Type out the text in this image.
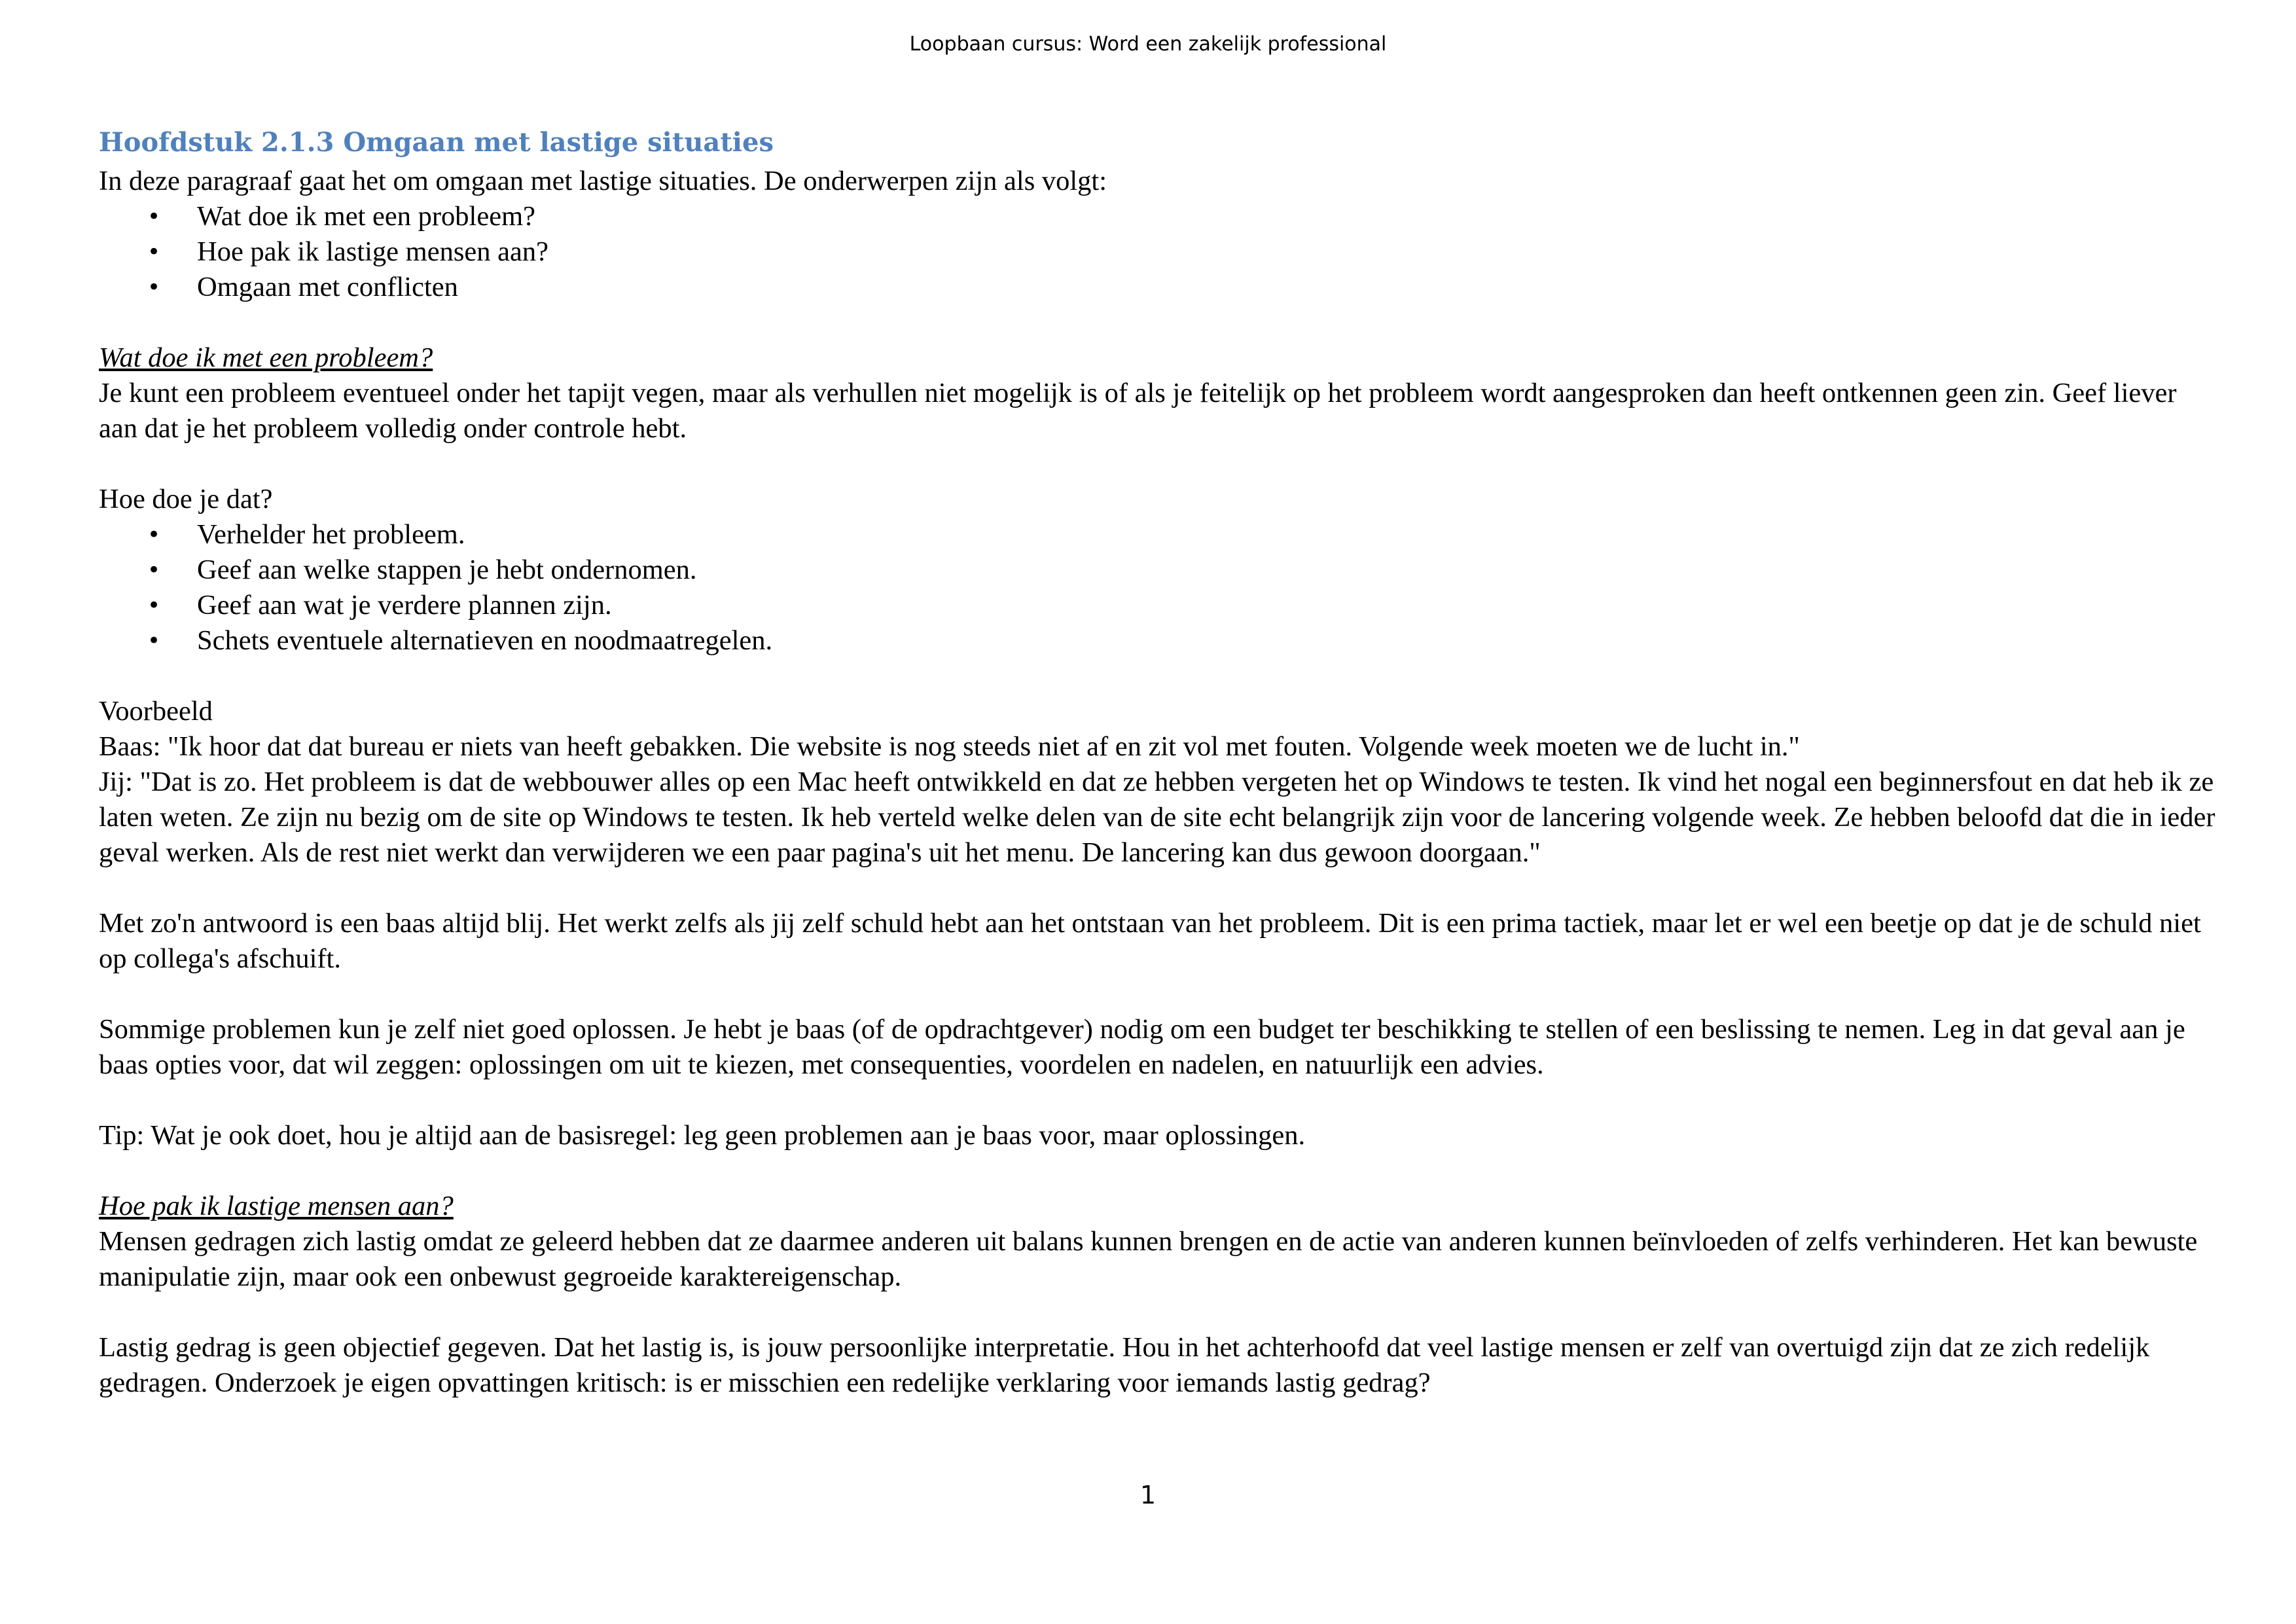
Loopbaan cursus: Word een zakelijk professional
Hoofdstuk 2.1.3 Omgaan met lastige situaties

In deze paragraaf gaat het om omgaan met lastige situaties. De onderwerpen zijn als volgt:

• Wat doe ik met een probleem?
• Hoe pak ik lastige mensen aan?
• Omgaan met conflicten

Wat doe ik met een probleem?

Je kunt een probleem eventueel onder het tapijt vegen, maar als verhullen niet mogelijk is of als je feitelijk op het probleem wordt aangesproken dan heeft ontkennen geen zin. Geef liever aan dat je het probleem volledig onder controle hebt.

Hoe doe je dat?

• Verhelder het probleem.
• Geef aan welke stappen je hebt ondernomen.
• Geef aan wat je verdere plannen zijn.
• Schets eventuele alternatieven en noodmaatregelen.

Voorbeeld

Baas: "Ik hoor dat dat bureau er niets van heeft gebakken. Die website is nog steeds niet af en zit vol met fouten. Volgende week moeten we de lucht in."

Jij: "Dat is zo. Het probleem is dat de webbouwer alles op een Mac heeft ontwikkeld en dat ze hebben vergeten het op Windows te testen. Ik vind het nogal een beginnersfout en dat heb ik ze laten weten. Ze zijn nu bezig om de site op Windows te testen. Ik heb verteld welke delen van de site echt belangrijk zijn voor de lancering volgende week. Ze hebben beloofd dat die in ieder geval werken. Als de rest niet werkt dan verwijderen we een paar pagina's uit het menu. De lancering kan dus gewoon doorgaan."

Met zo'n antwoord is een baas altijd blij. Het werkt zelfs als jij zelf schuld hebt aan het ontstaan van het probleem. Dit is een prima tactiek, maar let er wel een beetje op dat je de schuld niet op collega's afschuift.

Sommige problemen kun je zelf niet goed oplossen. Je hebt je baas (of de opdrachtgever) nodig om een budget ter beschikking te stellen of een beslissing te nemen. Leg in dat geval aan je baas opties voor, dat wil zeggen: oplossingen om uit te kiezen, met consequenties, voordelen en nadelen, en natuurlijk een advies.

Tip: Wat je ook doet, hou je altijd aan de basisregel: leg geen problemen aan je baas voor, maar oplossingen.

Hoe pak ik lastige mensen aan?

Mensen gedragen zich lastig omdat ze geleerd hebben dat ze daarmee anderen uit balans kunnen brengen en de actie van anderen kunnen beïnvloeden of zelfs verhinderen. Het kan bewuste manipulatie zijn, maar ook een onbewust gegroeide karaktereigenschap.

Lastig gedrag is geen objectief gegeven. Dat het lastig is, is jouw persoonlijke interpretatie. Hou in het achterhoofd dat veel lastige mensen er zelf van overtuigd zijn dat ze zich redelijk gedragen. Onderzoek je eigen opvattingen kritisch: is er misschien een redelijke verklaring voor iemands lastig gedrag?

1
